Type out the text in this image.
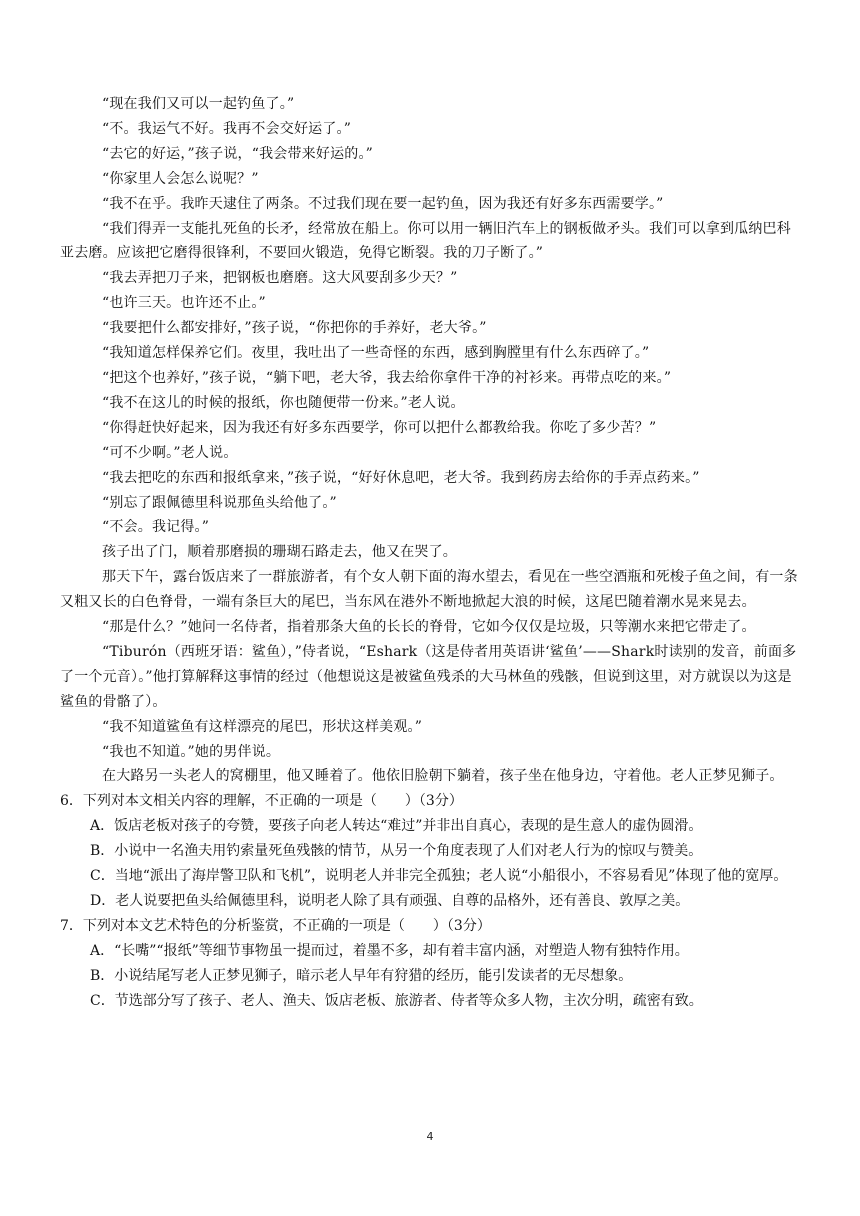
“现在我们又可以一起钓鱼了。”

“不。我运气不好。我再不会交好运了。”

“去它的好运，”孩子说，“我会带来好运的。”

“你家里人会怎么说呢？”

“我不在乎。我昨天逮住了两条。不过我们现在要一起钓鱼，因为我还有好多东西需要学。”

“我们得弄一支能扎死鱼的长矛，经常放在船上。你可以用一辆旧汽车上的钢板做矛头。我们可以拿到瓜纳巴科亚去磨。应该把它磨得很锋利，不要回火锻造，免得它断裂。我的刀子断了。”

“我去弄把刀子来，把钢板也磨磨。这大风要刮多少天？”

“也许三天。也许还不止。”

“我要把什么都安排好，”孩子说，“你把你的手养好，老大爷。”

“我知道怎样保养它们。夜里，我吐出了一些奇怪的东西，感到胸膛里有什么东西碎了。”

“把这个也养好，”孩子说，“躺下吧，老大爷，我去给你拿件干净的衬衫来。再带点吃的来。”

“我不在这儿的时候的报纸，你也随便带一份来。”老人说。

“你得赶快好起来，因为我还有好多东西要学，你可以把什么都教给我。你吃了多少苦？”

“可不少啊。”老人说。

“我去把吃的东西和报纸拿来，”孩子说，“好好休息吧，老大爷。我到药房去给你的手弄点药来。”

“别忘了跟佩德里科说那鱼头给他了。”

“不会。我记得。”

孩子出了门，顺着那磨损的珊瑚石路走去，他又在哭了。

那天下午，露台饭店来了一群旅游者，有个女人朝下面的海水望去，看见在一些空酒瓶和死梭子鱼之间，有一条又粗又长的白色脊骨，一端有条巨大的尾巴，当东风在港外不断地掀起大浪的时候，这尾巴随着潮水晃来晃去。

“那是什么？”她问一名侍者，指着那条大鱼的长长的脊骨，它如今仅仅是垃圾，只等潮水来把它带走了。

“Tiburón（西班牙语：鲨鱼），”侍者说，“Eshark（这是侍者用英语讲‘鲨鱼’——Shark时读别的发音，前面多了一个元音）。”他打算解释这事情的经过（他想说这是被鲨鱼残杀的大马林鱼的残骸，但说到这里，对方就误以为这是鲨鱼的骨骼了）。

“我不知道鲨鱼有这样漂亮的尾巴，形状这样美观。”

“我也不知道。”她的男伴说。

在大路另一头老人的窝棚里，他又睡着了。他依旧脸朝下躺着，孩子坐在他身边，守着他。老人正梦见狮子。

6．下列对本文相关内容的理解，不正确的一项是（　　）（3分）

A．饭店老板对孩子的夸赞，要孩子向老人转达“难过”并非出自真心，表现的是生意人的虚伪圆滑。

B．小说中一名渔夫用钓索量死鱼残骸的情节，从另一个角度表现了人们对老人行为的惊叹与赞美。

C．当地“派出了海岸警卫队和飞机”，说明老人并非完全孤独；老人说“小船很小，不容易看见”体现了他的宽厚。

D．老人说要把鱼头给佩德里科，说明老人除了具有顽强、自尊的品格外，还有善良、敦厚之美。

7．下列对本文艺术特色的分析鉴赏，不正确的一项是（　　）（3分）

A．“长嘴”“报纸”等细节事物虽一提而过，着墨不多，却有着丰富内涵，对塑造人物有独特作用。

B．小说结尾写老人正梦见狮子，暗示老人早年有狩猎的经历，能引发读者的无尽想象。

C．节选部分写了孩子、老人、渔夫、饭店老板、旅游者、侍者等众多人物，主次分明，疏密有致。

4
